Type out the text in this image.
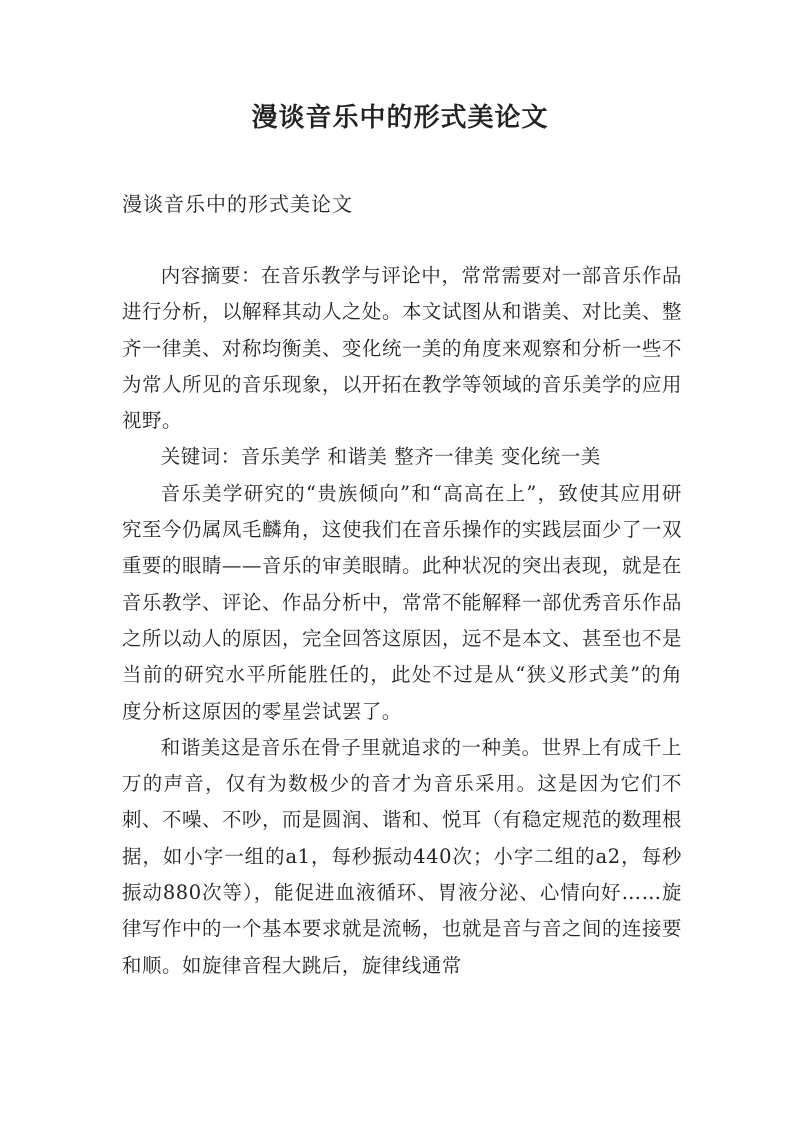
漫谈音乐中的形式美论文
漫谈音乐中的形式美论文

内容摘要：在音乐教学与评论中，常常需要对一部音乐作品进行分析，以解释其动人之处。本文试图从和谐美、对比美、整齐一律美、对称均衡美、变化统一美的角度来观察和分析一些不为常人所见的音乐现象，以开拓在教学等领域的音乐美学的应用视野。

关键词：音乐美学 和谐美 整齐一律美 变化统一美

音乐美学研究的“贵族倾向”和“高高在上”，致使其应用研究至今仍属凤毛麟角，这使我们在音乐操作的实践层面少了一双重要的眼睛——音乐的审美眼睛。此种状况的突出表现，就是在音乐教学、评论、作品分析中，常常不能解释一部优秀音乐作品之所以动人的原因，完全回答这原因，远不是本文、甚至也不是当前的研究水平所能胜任的，此处不过是从“狭义形式美”的角度分析这原因的零星尝试罢了。

和谐美这是音乐在骨子里就追求的一种美。世界上有成千上万的声音，仅有为数极少的音才为音乐采用。这是因为它们不刺、不噪、不吵，而是圆润、谐和、悦耳（有稳定规范的数理根据，如小字一组的a1，每秒振动440次；小字二组的a2，每秒振动880次等），能促进血液循环、胃液分泌、心情向好……旋律写作中的一个基本要求就是流畅，也就是音与音之间的连接要和顺。如旋律音程大跳后，旋律线通常
